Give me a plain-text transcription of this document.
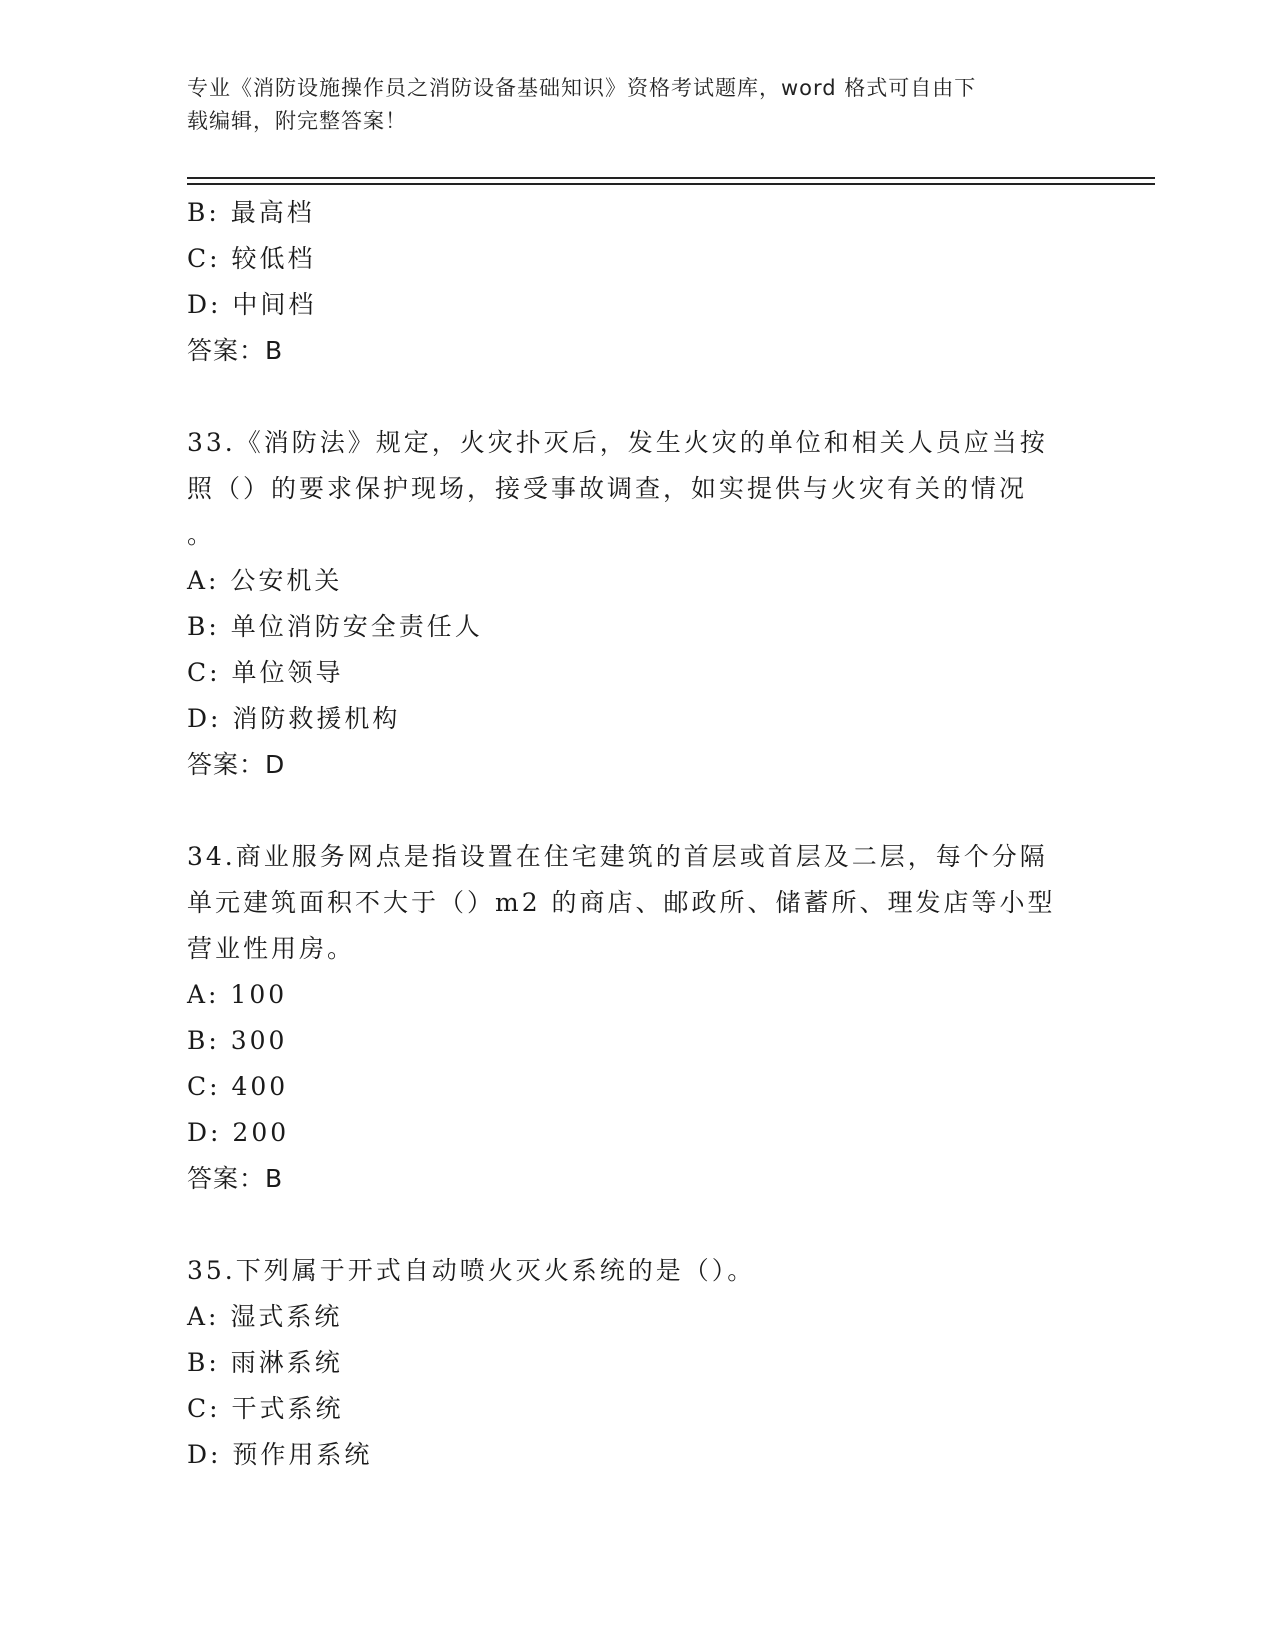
专业《消防设施操作员之消防设备基础知识》资格考试题库，word 格式可自由下
载编辑，附完整答案！
B: 最高档
C: 较低档
D: 中间档
答案：B
33.《消防法》规定，火灾扑灭后，发生火灾的单位和相关人员应当按
照（）的要求保护现场，接受事故调查，如实提供与火灾有关的情况
。
A: 公安机关
B: 单位消防安全责任人
C: 单位领导
D: 消防救援机构
答案：D
34.商业服务网点是指设置在住宅建筑的首层或首层及二层，每个分隔
单元建筑面积不大于（）m2 的商店、邮政所、储蓄所、理发店等小型
营业性用房。
A: 100
B: 300
C: 400
D: 200
答案：B
35.下列属于开式自动喷火灭火系统的是（）。
A: 湿式系统
B: 雨淋系统
C: 干式系统
D: 预作用系统
